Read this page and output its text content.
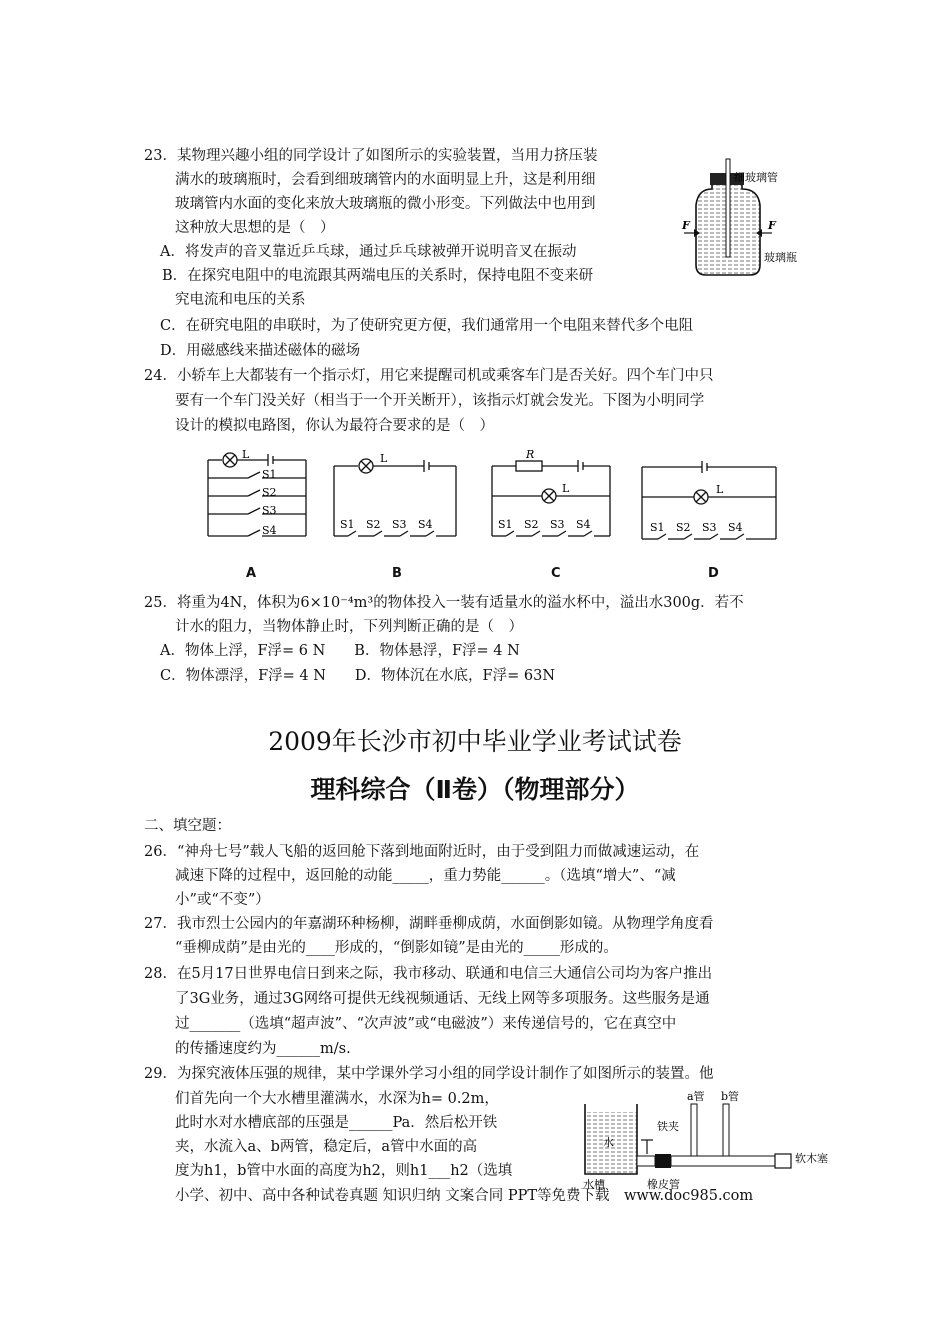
23．某物理兴趣小组的同学设计了如图所示的实验装置，当用力挤压装
满水的玻璃瓶时，会看到细玻璃管内的水面明显上升，这是利用细
玻璃管内水面的变化来放大玻璃瓶的微小形变。下列做法中也用到
这种放大思想的是（　）
A．将发声的音叉靠近乒乓球，通过乒乓球被弹开说明音叉在振动
B．在探究电阻中的电流跟其两端电压的关系时，保持电阻不变来研
究电流和电压的关系
C．在研究电阻的串联时，为了使研究更方便，我们通常用一个电阻来替代多个电阻
D．用磁感线来描述磁体的磁场
24．小轿车上大都装有一个指示灯，用它来提醒司机或乘客车门是否关好。四个车门中只
要有一个车门没关好（相当于一个开关断开），该指示灯就会发光。下图为小明同学
设计的模拟电路图，你认为最符合要求的是（　）
25．将重为4N，体积为6×10⁻⁴m³的物体投入一装有适量水的溢水杯中，溢出水300g．若不
计水的阻力，当物体静止时，下列判断正确的是（　）
A．物体上浮，F浮= 6 N　　B．物体悬浮，F浮= 4 N
C．物体漂浮，F浮= 4 N　　D．物体沉在水底，F浮= 63N
2009年长沙市初中毕业学业考试试卷
理科综合（Ⅱ卷）（物理部分）
二、填空题：
26．“神舟七号”载人飞船的返回舱下落到地面附近时，由于受到阻力而做减速运动，在
减速下降的过程中，返回舱的动能_____，重力势能______。（选填“增大”、“减
小”或“不变”）
27．我市烈士公园内的年嘉湖环种杨柳，湖畔垂柳成荫，水面倒影如镜。从物理学角度看
“垂柳成荫”是由光的____形成的，“倒影如镜”是由光的_____形成的。
28．在5月17日世界电信日到来之际，我市移动、联通和电信三大通信公司均为客户推出
了3G业务，通过3G网络可提供无线视频通话、无线上网等多项服务。这些服务是通
过_______（选填“超声波”、“次声波”或“电磁波”）来传递信号的，它在真空中
的传播速度约为______m/s.
29．为探究液体压强的规律，某中学课外学习小组的同学设计制作了如图所示的装置。他
们首先向一个大水槽里灌满水，水深为h= 0.2m，
此时水对水槽底部的压强是______Pa．然后松开铁
夹，水流入a、b两管，稳定后，a管中水面的高
度为h1，b管中水面的高度为h2，则h1___h2（选填
小学、初中、高中各种试卷真题 知识归纳 文案合同 PPT等免费下载　www.doc985.com
细玻璃管
玻璃瓶
F	F
L
S1
S2
S3
S4
A
L
S1 S2 S3 S4
B
R
L
S1 S2 S3 S4
C
L
S1 S2 S3 S4
D
水
铁夹
a管 b管
软木塞
水槽	橡皮管
